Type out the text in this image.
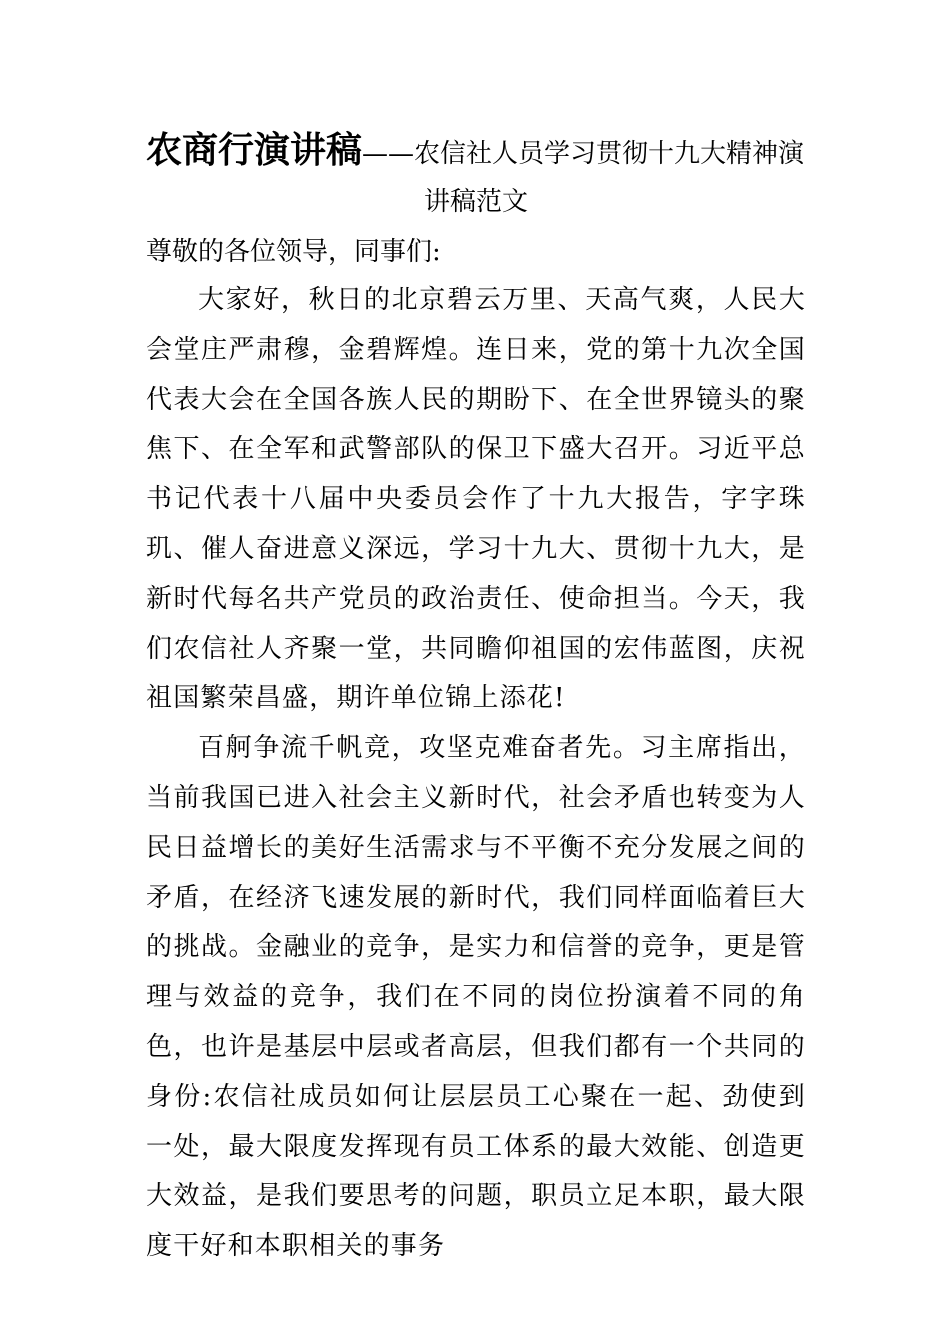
农商行演讲稿——农信社人员学习贯彻十九大精神演
讲稿范文
尊敬的各位领导，同事们:

大家好，秋日的北京碧云万里、天高气爽，人民大会堂庄严肃穆，金碧辉煌。连日来，党的第十九次全国代表大会在全国各族人民的期盼下、在全世界镜头的聚焦下、在全军和武警部队的保卫下盛大召开。习近平总书记代表十八届中央委员会作了十九大报告，字字珠玑、催人奋进意义深远，学习十九大、贯彻十九大，是新时代每名共产党员的政治责任、使命担当。今天，我们农信社人齐聚一堂，共同瞻仰祖国的宏伟蓝图，庆祝祖国繁荣昌盛，期许单位锦上添花!

百舸争流千帆竞，攻坚克难奋者先。习主席指出，当前我国已进入社会主义新时代，社会矛盾也转变为人民日益增长的美好生活需求与不平衡不充分发展之间的矛盾，在经济飞速发展的新时代，我们同样面临着巨大的挑战。金融业的竞争，是实力和信誉的竞争，更是管理与效益的竞争，我们在不同的岗位扮演着不同的角色，也许是基层中层或者高层，但我们都有一个共同的身份:农信社成员如何让层层员工心聚在一起、劲使到一处，最大限度发挥现有员工体系的最大效能、创造更大效益，是我们要思考的问题，职员立足本职，最大限度干好和本职相关的事务
